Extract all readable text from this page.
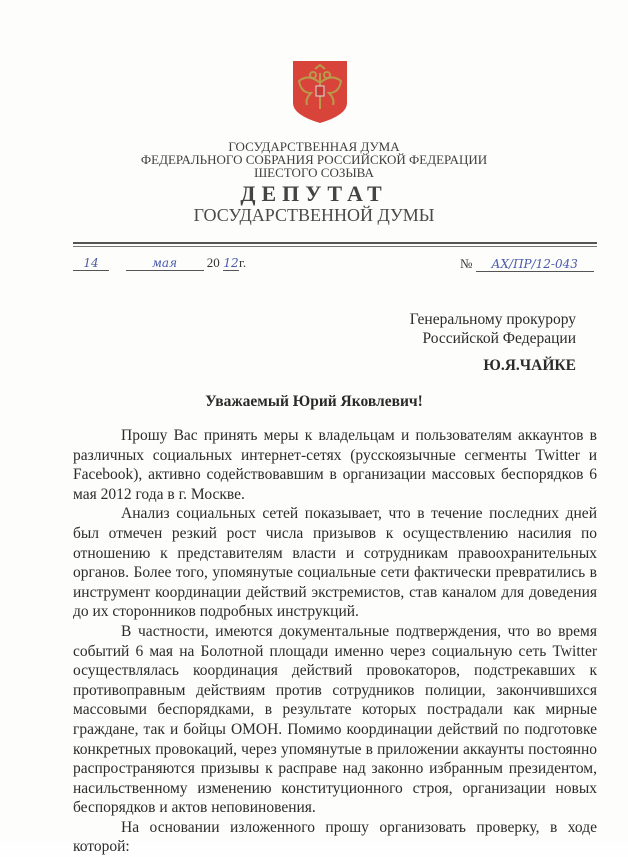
ГОСУДАРСТВЕННАЯ ДУМА
ФЕДЕРАЛЬНОГО СОБРАНИЯ РОССИЙСКОЙ ФЕДЕРАЦИИ
ШЕСТОГО СОЗЫВА
ДЕПУТАТ
ГОСУДАРСТВЕННОЙ ДУМЫ
14	мая 20 12г.	№ АХ/ПР/12-043
Генеральному прокурору
Российской Федерации
Ю.Я.ЧАЙКЕ
Уважаемый Юрий Яковлевич!

Прошу Вас принять меры к владельцам и пользователям аккаунтов в различных социальных интернет-сетях (русскоязычные сегменты Twitter и Facebook), активно содействовавшим в организации массовых беспорядков 6 мая 2012 года в г. Москве.

Анализ социальных сетей показывает, что в течение последних дней был отмечен резкий рост числа призывов к осуществлению насилия по отношению к представителям власти и сотрудникам правоохранительных органов. Более того, упомянутые социальные сети фактически превратились в инструмент координации действий экстремистов, став каналом для доведения до их сторонников подробных инструкций.

В частности, имеются документальные подтверждения, что во время событий 6 мая на Болотной площади именно через социальную сеть Twitter осуществлялась координация действий провокаторов, подстрекавших к противоправным действиям против сотрудников полиции, закончившихся массовыми беспорядками, в результате которых пострадали как мирные граждане, так и бойцы ОМОН. Помимо координации действий по подготовке конкретных провокаций, через упомянутые в приложении аккаунты постоянно распространяются призывы к расправе над законно избранным президентом, насильственному изменению конституционного строя, организации новых беспорядков и актов неповиновения.

На основании изложенного прошу организовать проверку, в ходе которой:
